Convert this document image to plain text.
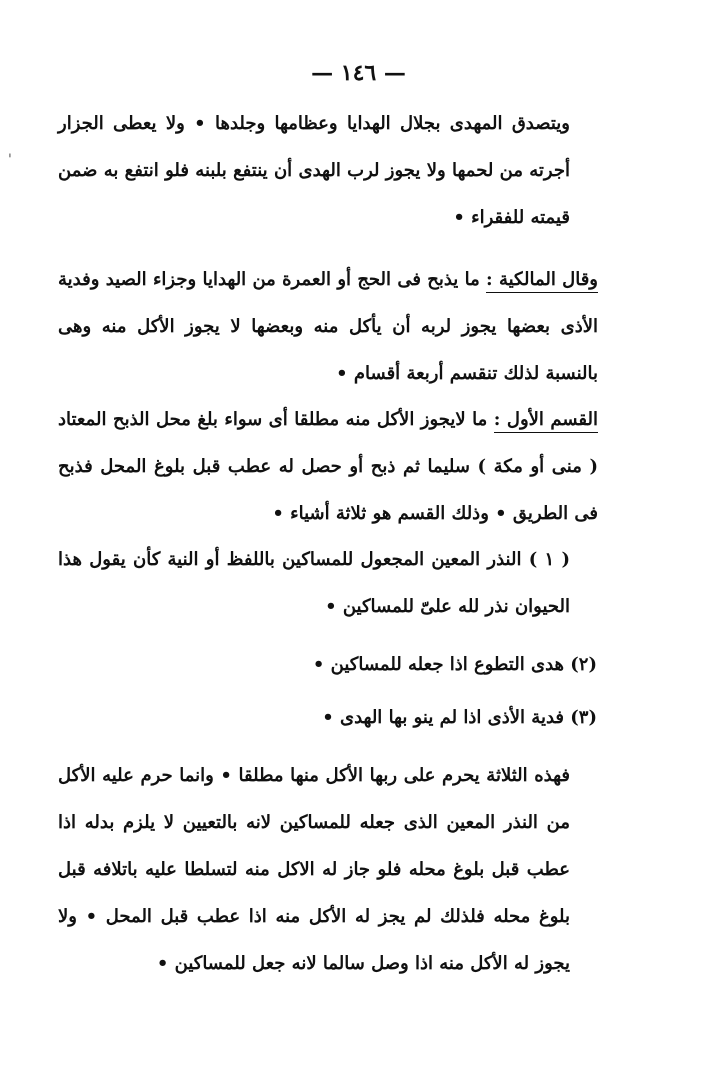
— ١٤٦ —
'

ويتصدق المهدى بجلال الهدايا وعظامها وجلدها • ولا يعطى الجزار أجرته من لحمها ولا يجوز لرب الهدى أن ينتفع بلبنه فلو انتفع به ضمن قيمته للفقراء •

وقال المالكية : ما يذبح فى الحج أو العمرة من الهدايا وجزاء الصيد وفدية الأذى بعضها يجوز لربه أن يأكل منه وبعضها لا يجوز الأكل منه وهى بالنسبة لذلك تنقسم أربعة أقسام •

القسم الأول : ما لايجوز الأكل منه مطلقا أى سواء بلغ محل الذبح المعتاد ( منى أو مكة ) سليما ثم ذبح أو حصل له عطب قبل بلوغ المحل فذبح فى الطريق • وذلك القسم هو ثلاثة أشياء •

( ١ ) النذر المعين المجعول للمساكين باللفظ أو النية كأن يقول هذا الحيوان نذر لله علىّ للمساكين •

(٢) هدى التطوع اذا جعله للمساكين •
(٣) فدية الأذى اذا لم ينو بها الهدى •

فهذه الثلاثة يحرم على ربها الأكل منها مطلقا • وانما حرم عليه الأكل من النذر المعين الذى جعله للمساكين لانه بالتعيين لا يلزم بدله اذا عطب قبل بلوغ محله فلو جاز له الاكل منه لتسلطا عليه باتلافه قبل بلوغ محله فلذلك لم يجز له الأكل منه اذا عطب قبل المحل • ولا يجوز له الأكل منه اذا وصل سالما لانه جعل للمساكين •
